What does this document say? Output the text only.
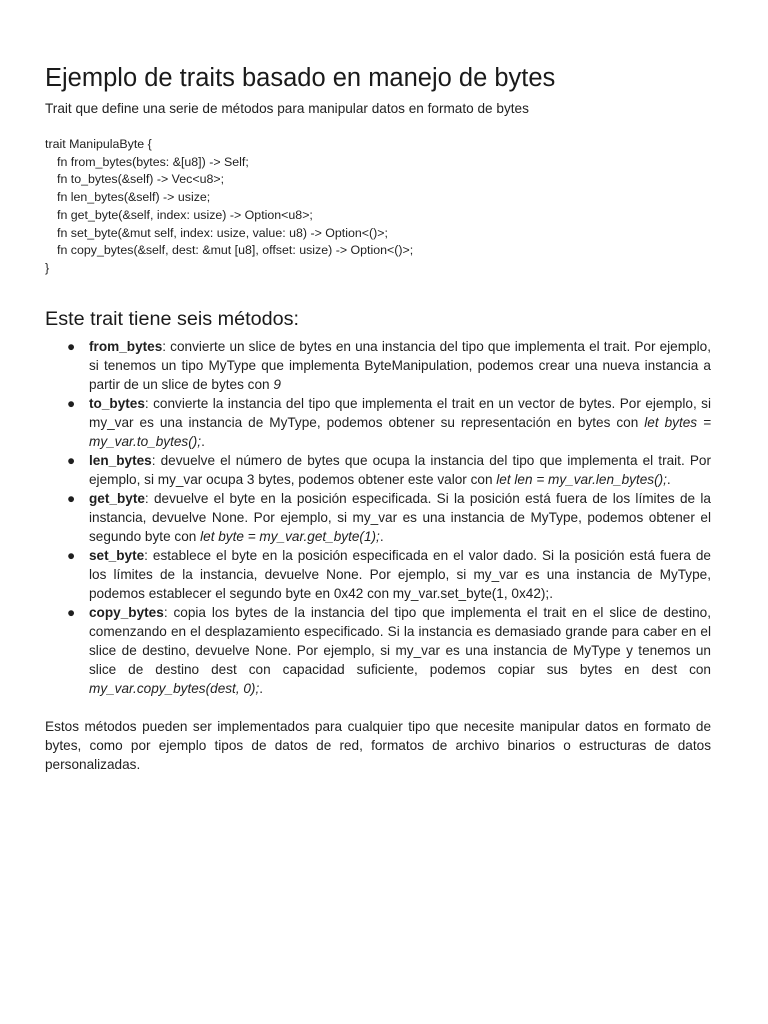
Ejemplo de traits basado en manejo de bytes

Trait que define una serie de métodos para manipular datos en formato de bytes

trait ManipulaByte {

fn from_bytes(bytes: &[u8]) -> Self;

fn to_bytes(&self) -> Vec<u8>;

fn len_bytes(&self) -> usize;

fn get_byte(&self, index: usize) -> Option<u8>;

fn set_byte(&mut self, index: usize, value: u8) -> Option<()>;

fn copy_bytes(&self, dest: &mut [u8], offset: usize) -> Option<()>;

}

Este trait tiene seis métodos:
● from_bytes: convierte un slice de bytes en una instancia del tipo que implementa el trait. Por ejemplo, si tenemos un tipo MyType que implementa ByteManipulation, podemos crear una nueva instancia a partir de un slice de bytes con 9
● to_bytes: convierte la instancia del tipo que implementa el trait en un vector de bytes. Por ejemplo, si my_var es una instancia de MyType, podemos obtener su representación en bytes con let bytes = my_var.to_bytes();.
● len_bytes: devuelve el número de bytes que ocupa la instancia del tipo que implementa el trait. Por ejemplo, si my_var ocupa 3 bytes, podemos obtener este valor con let len = my_var.len_bytes();.
● get_byte: devuelve el byte en la posición especificada. Si la posición está fuera de los límites de la instancia, devuelve None. Por ejemplo, si my_var es una instancia de MyType, podemos obtener el segundo byte con let byte = my_var.get_byte(1);.
● set_byte: establece el byte en la posición especificada en el valor dado. Si la posición está fuera de los límites de la instancia, devuelve None. Por ejemplo, si my_var es una instancia de MyType, podemos establecer el segundo byte en 0x42 con my_var.set_byte(1, 0x42);.
● copy_bytes: copia los bytes de la instancia del tipo que implementa el trait en el slice de destino, comenzando en el desplazamiento especificado. Si la instancia es demasiado grande para caber en el slice de destino, devuelve None. Por ejemplo, si my_var es una instancia de MyType y tenemos un slice de destino dest con capacidad suficiente, podemos copiar sus bytes en dest con my_var.copy_bytes(dest, 0);.

Estos métodos pueden ser implementados para cualquier tipo que necesite manipular datos en formato de bytes, como por ejemplo tipos de datos de red, formatos de archivo binarios o estructuras de datos personalizadas.
